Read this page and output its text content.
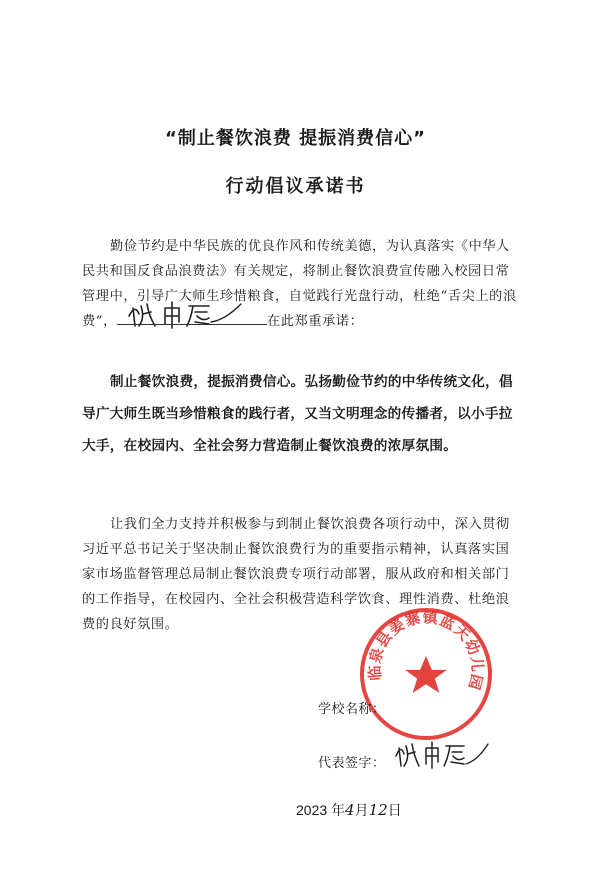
“制止餐饮浪费 提振消费信心”
行动倡议承诺书
勤俭节约是中华民族的优良作风和传统美德，为认真落实《中华人民共和国反食品浪费法》有关规定，将制止餐饮浪费宣传融入校园日常管理中，引导广大师生珍惜粮食，自觉践行光盘行动，杜绝“舌尖上的浪费”，	在此郑重承诺：
制止餐饮浪费，提振消费信心。弘扬勤俭节约的中华传统文化，倡导广大师生既当珍惜粮食的践行者，又当文明理念的传播者，以小手拉大手，在校园内、全社会努力营造制止餐饮浪费的浓厚氛围。
让我们全力支持并积极参与到制止餐饮浪费各项行动中，深入贯彻习近平总书记关于坚决制止餐饮浪费行为的重要指示精神，认真落实国家市场监督管理总局制止餐饮浪费专项行动部署，服从政府和相关部门的工作指导，在校园内、全社会积极营造科学饮食、理性消费、杜绝浪费的良好氛围。
临泉县姜寨镇蓝天幼儿园
学校名称：
代表签字：
2023 年4月12日
